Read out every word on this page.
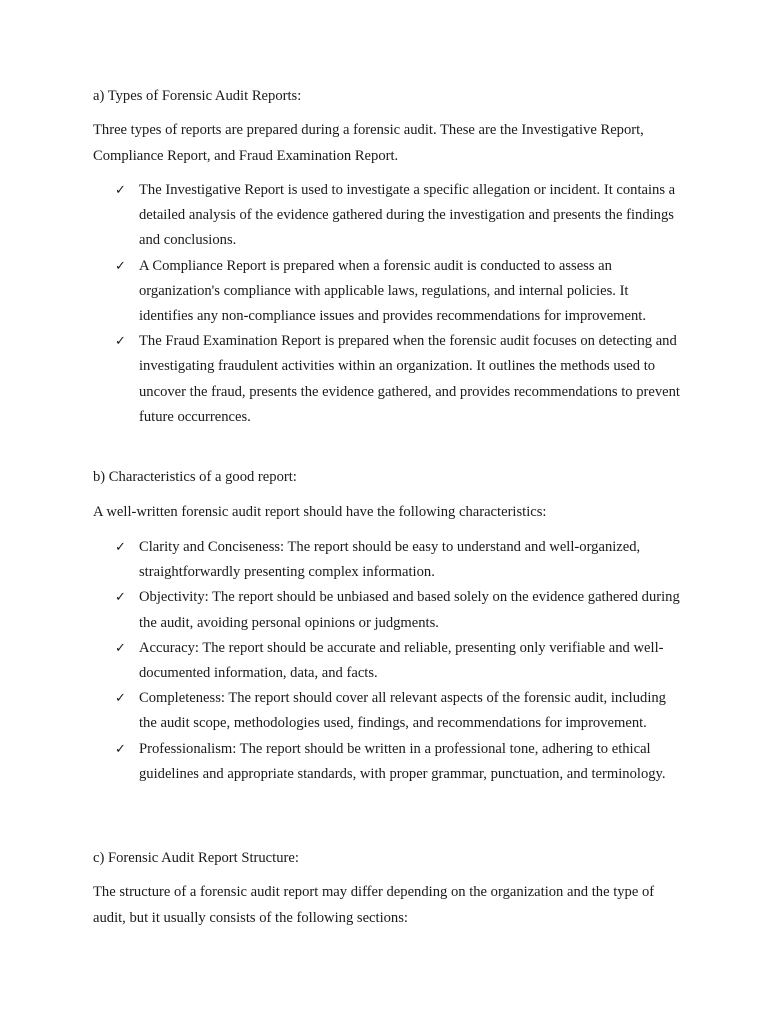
a) Types of Forensic Audit Reports:

Three types of reports are prepared during a forensic audit. These are the Investigative Report, Compliance Report, and Fraud Examination Report.

✓ The Investigative Report is used to investigate a specific allegation or incident. It contains a detailed analysis of the evidence gathered during the investigation and presents the findings and conclusions.
✓ A Compliance Report is prepared when a forensic audit is conducted to assess an organization's compliance with applicable laws, regulations, and internal policies. It identifies any non-compliance issues and provides recommendations for improvement.
✓ The Fraud Examination Report is prepared when the forensic audit focuses on detecting and investigating fraudulent activities within an organization. It outlines the methods used to uncover the fraud, presents the evidence gathered, and provides recommendations to prevent future occurrences.
b) Characteristics of a good report:

A well-written forensic audit report should have the following characteristics:

✓ Clarity and Conciseness: The report should be easy to understand and well-organized, straightforwardly presenting complex information.
✓ Objectivity: The report should be unbiased and based solely on the evidence gathered during the audit, avoiding personal opinions or judgments.
✓ Accuracy: The report should be accurate and reliable, presenting only verifiable and well-documented information, data, and facts.
✓ Completeness: The report should cover all relevant aspects of the forensic audit, including the audit scope, methodologies used, findings, and recommendations for improvement.
✓ Professionalism: The report should be written in a professional tone, adhering to ethical guidelines and appropriate standards, with proper grammar, punctuation, and terminology.
c) Forensic Audit Report Structure:

The structure of a forensic audit report may differ depending on the organization and the type of audit, but it usually consists of the following sections:
